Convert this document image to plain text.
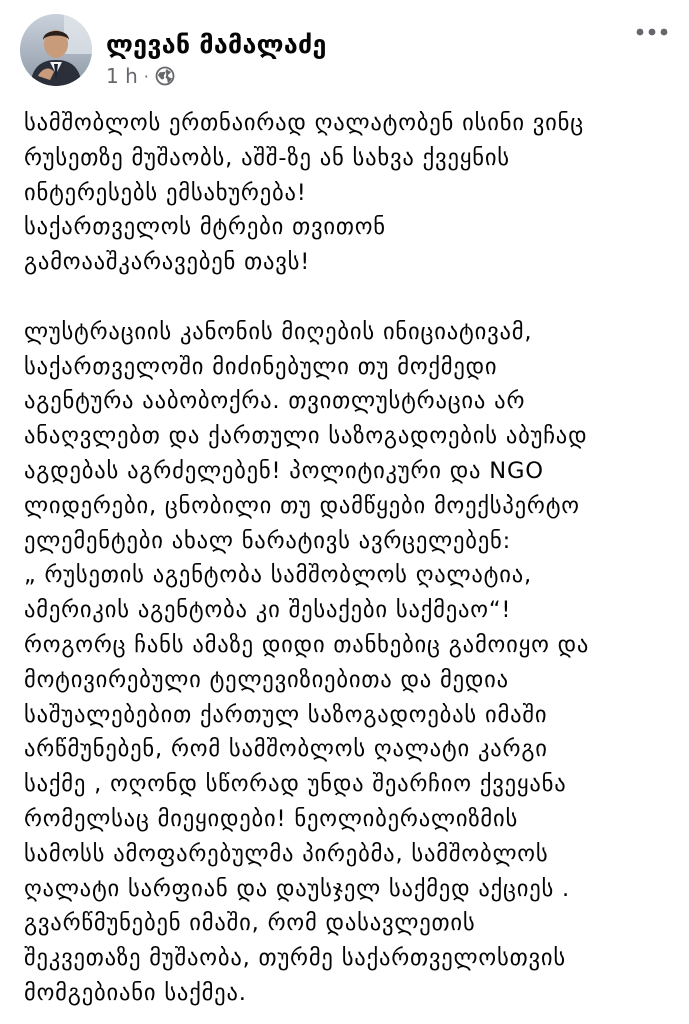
ლევან მამალაძე
1 h ·
სამშობლოს ერთნაირად ღალატობენ ისინი ვინც
რუსეთზე მუშაობს, აშშ-ზე ან სახვა ქვეყნის
ინტერესებს ემსახურება!
საქართველოს მტრები თვითონ
გამოააშკარავებენ თავს!
ლუსტრაციის კანონის მიღების ინიციატივამ,
საქართველოში მიძინებული თუ მოქმედი
აგენტურა ააბობოქრა. თვითლუსტრაცია არ
ანაღვლებთ და ქართული საზოგადოების აბუჩად
აგდებას აგრძელებენ! პოლიტიკური და NGO
ლიდერები, ცნობილი თუ დამწყები მოექსპერტო
ელემენტები ახალ ნარატივს ავრცელებენ:
„ რუსეთის აგენტობა სამშობლოს ღალატია,
ამერიკის აგენტობა კი შესაქები საქმეაო“!
როგორც ჩანს ამაზე დიდი თანხებიც გამოიყო და
მოტივირებული ტელევიზიებითა და მედია
საშუალებებით ქართულ საზოგადოებას იმაში
არწმუნებენ, რომ სამშობლოს ღალატი კარგი
საქმე , ოღონდ სწორად უნდა შეარჩიო ქვეყანა
რომელსაც მიეყიდები! ნეოლიბერალიზმის
სამოსს ამოფარებულმა პირებმა, სამშობლოს
ღალატი სარფიან და დაუსჯელ საქმედ აქციეს .
გვარწმუნებენ იმაში, რომ დასავლეთის
შეკვეთაზე მუშაობა, თურმე საქართველოსთვის
მომგებიანი საქმეა.
